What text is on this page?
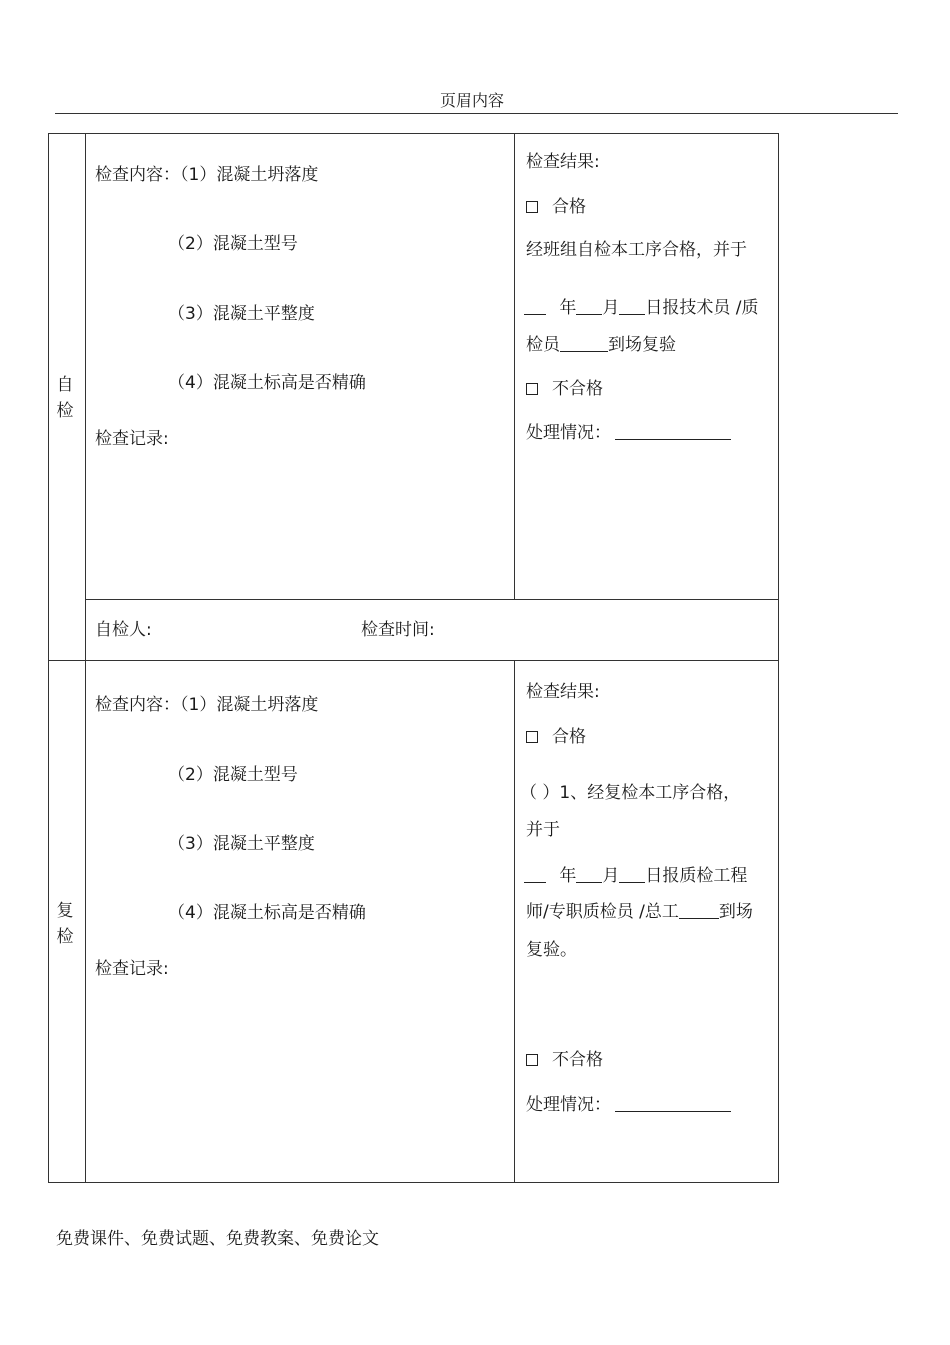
页眉内容
自
检
检查内容：（1）混凝土坍落度
（2）混凝土型号
（3）混凝土平整度
（4）混凝土标高是否精确
检查记录:
检查结果:
合格
经班组自检本工序合格，并于
年 月 日报技术员 /质
检员	到场复验
不合格
处理情况：
自检人:	检查时间:
复
检
检查内容：（1）混凝土坍落度
（2）混凝土型号
（3）混凝土平整度
（4）混凝土标高是否精确
检查记录:
检查结果:
合格
（ ）1、经复检本工序合格，
并于
年 月 日报质检工程
师/专职质检员 /总工 到场
复验。
不合格
处理情况：
免费课件、免费试题、免费教案、免费论文
